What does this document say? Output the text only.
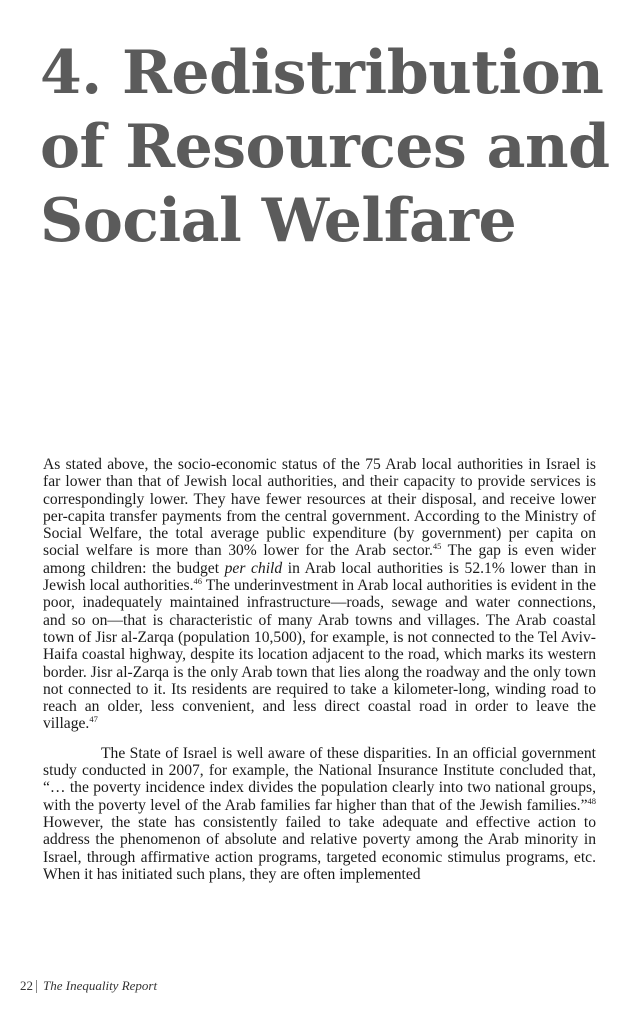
4. Redistribution
of Resources and
Social Welfare

As stated above, the socio-economic status of the 75 Arab local authorities in Israel is far lower than that of Jewish local authorities, and their capacity to provide services is correspondingly lower. They have fewer resources at their disposal, and receive lower per-capita transfer payments from the central government. According to the Ministry of Social Welfare, the total average public expenditure (by government) per capita on social welfare is more than 30% lower for the Arab sector.$^{45}$ The gap is even wider among children: the budget per child in Arab local authorities is 52.1% lower than in Jewish local authorities.$^{46}$ The underinvestment in Arab local authorities is evident in the poor, inadequately maintained infrastructure—roads, sewage and water connections, and so on—that is characteristic of many Arab towns and villages. The Arab coastal town of Jisr al-Zarqa (population 10,500), for example, is not connected to the Tel Aviv-Haifa coastal highway, despite its location adjacent to the road, which marks its western border. Jisr al-Zarqa is the only Arab town that lies along the roadway and the only town not connected to it. Its residents are required to take a kilometer-long, winding road to reach an older, less convenient, and less direct coastal road in order to leave the village.$^{47}$

The State of Israel is well aware of these disparities. In an official government study conducted in 2007, for example, the National Insurance Institute concluded that, “… the poverty incidence index divides the population clearly into two national groups, with the poverty level of the Arab families far higher than that of the Jewish families.”$^{48}$ However, the state has consistently failed to take adequate and effective action to address the phenomenon of absolute and relative poverty among the Arab minority in Israel, through affirmative action programs, targeted economic stimulus programs, etc. When it has initiated such plans, they are often implemented

22 The Inequality Report
